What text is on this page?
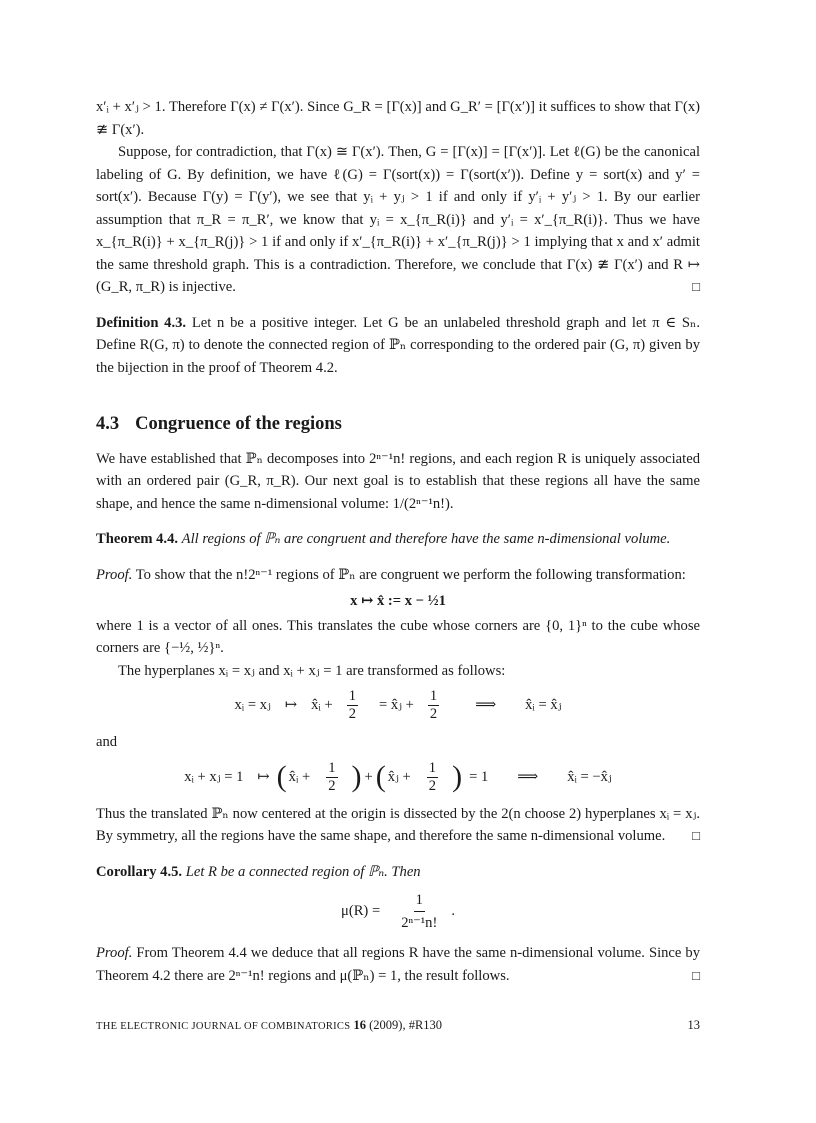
x′ᵢ + x′ⱼ > 1. Therefore Γ(x) ≠ Γ(x′). Since G_R = [Γ(x)] and G_R′ = [Γ(x′)] it suffices to show that Γ(x) ≇ Γ(x′).

Suppose, for contradiction, that Γ(x) ≅ Γ(x′). Then, G = [Γ(x)] = [Γ(x′)]. Let ℓ(G) be the canonical labeling of G. By definition, we have ℓ(G) = Γ(sort(x)) = Γ(sort(x′)). Define y = sort(x) and y′ = sort(x′). Because Γ(y) = Γ(y′), we see that yᵢ + yⱼ > 1 if and only if y′ᵢ + y′ⱼ > 1. By our earlier assumption that π_R = π_R′, we know that yᵢ = x_{π_R(i)} and y′ᵢ = x′_{π_R(i)}. Thus we have x_{π_R(i)} + x_{π_R(j)} > 1 if and only if x′_{π_R(i)} + x′_{π_R(j)} > 1 implying that x and x′ admit the same threshold graph. This is a contradiction. Therefore, we conclude that Γ(x) ≇ Γ(x′) and R ↦ (G_R, π_R) is injective.	□

Definition 4.3. Let n be a positive integer. Let G be an unlabeled threshold graph and let π ∈ Sₙ. Define R(G, π) to denote the connected region of ℙₙ corresponding to the ordered pair (G, π) given by the bijection in the proof of Theorem 4.2.

4.3 Congruence of the regions

We have established that ℙₙ decomposes into 2ⁿ⁻¹n! regions, and each region R is uniquely associated with an ordered pair (G_R, π_R). Our next goal is to establish that these regions all have the same shape, and hence the same n-dimensional volume: 1/(2ⁿ⁻¹n!).

Theorem 4.4. All regions of ℙₙ are congruent and therefore have the same n-dimensional volume.

Proof. To show that the n!2ⁿ⁻¹ regions of ℙₙ are congruent we perform the following transformation:

x ↦ x̂ := x − ½1

where 1 is a vector of all ones. This translates the cube whose corners are {0, 1}ⁿ to the cube whose corners are {−½, ½}ⁿ.

The hyperplanes xᵢ = xⱼ and xᵢ + xⱼ = 1 are transformed as follows:

xᵢ = xⱼ ↦ x̂ᵢ + $\frac{1}{2}$ = x̂ⱼ + $\frac{1}{2}$ ⟹ x̂ᵢ = x̂ⱼ

and

xᵢ + xⱼ = 1 ↦ ( x̂ᵢ + $\frac{1}{2}$ ) + ( x̂ⱼ + $\frac{1}{2}$ ) = 1 ⟹ x̂ᵢ = −x̂ⱼ

Thus the translated ℙₙ now centered at the origin is dissected by the 2(n choose 2) hyperplanes xᵢ = xⱼ. By symmetry, all the regions have the same shape, and therefore the same n-dimensional volume. □

Corollary 4.5. Let R be a connected region of ℙₙ. Then

$\mu(R) = \frac{1}{\text{2ⁿ⁻¹n!}}$ .

Proof. From Theorem 4.4 we deduce that all regions R have the same n-dimensional volume. Since by Theorem 4.2 there are 2ⁿ⁻¹n! regions and μ(ℙₙ) = 1, the result follows.	□

THE ELECTRONIC JOURNAL OF COMBINATORICS 16 (2009), #R130	13
